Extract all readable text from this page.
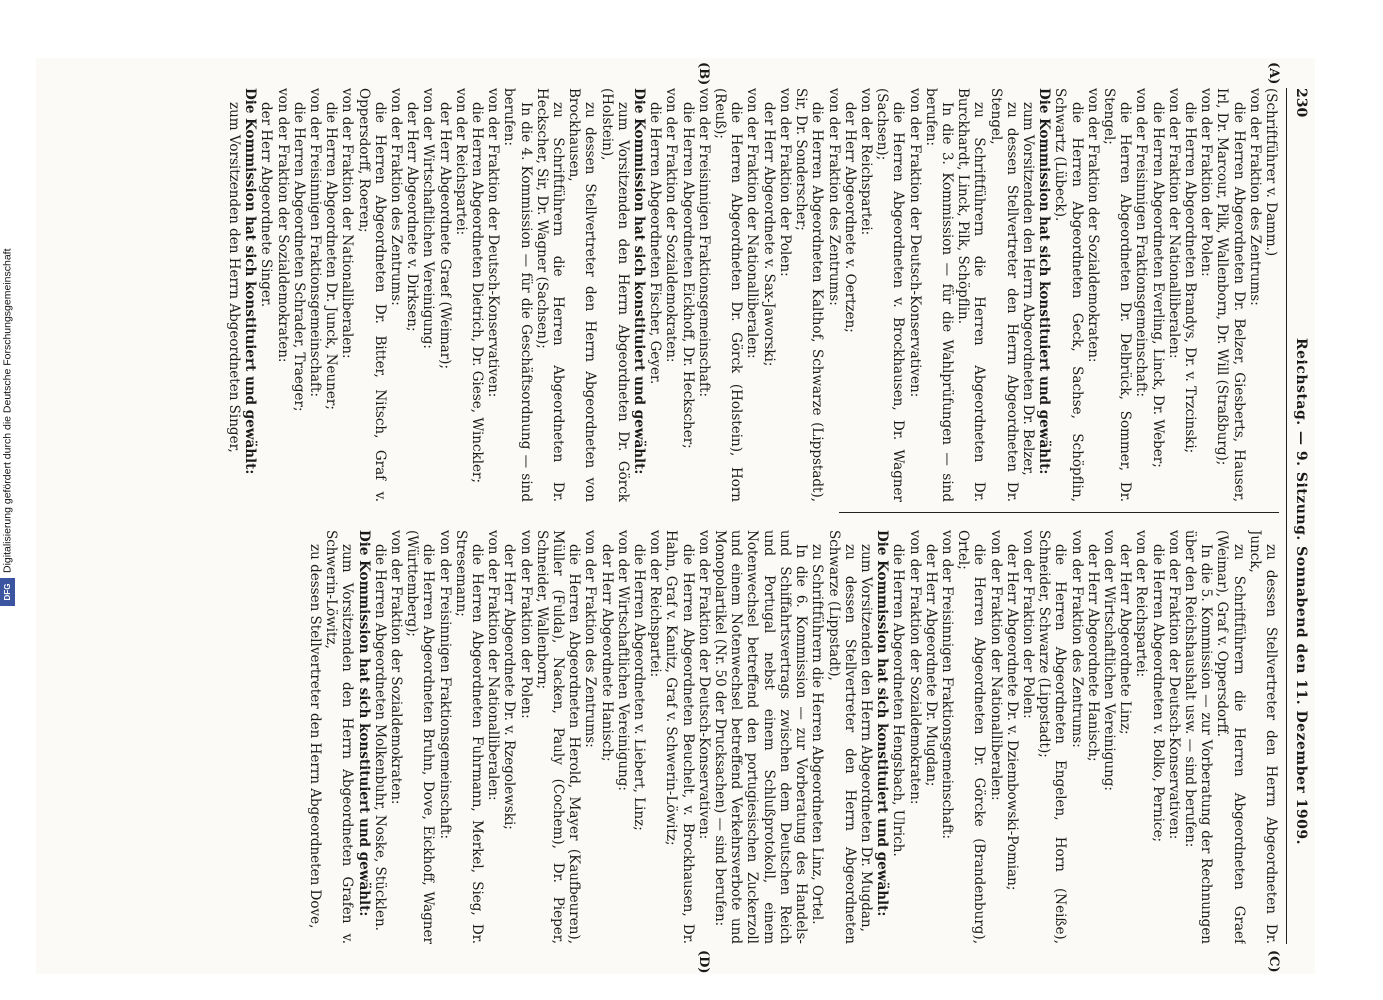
230
Reichstag. — 9. Sitzung. Sonnabend den 11. Dezember 1909.
(A)
(B)
(C)
(D)

(Schriftführer v. Damm.)

von der Fraktion des Zentrums:

die Herren Abgeordneten Dr. Belzer, Giesberts, Hauser, Irl, Dr. Marcour, Pilk, Wallenborn, Dr. Will (Straßburg);

von der Fraktion der Polen:

die Herren Abgeordneten Brandys, Dr. v. Trzcinski;

von der Fraktion der Nationalliberalen:

die Herren Abgeordneten Everling, Linck, Dr. Weber;

von der Freisinnigen Fraktionsgemeinschaft:

die Herren Abgeordneten Dr. Delbrück, Sommer, Dr. Stengel;

von der Fraktion der Sozialdemokraten:

die Herren Abgeordneten Geck, Sachse, Schöpflin, Schwartz (Lübeck).

Die Kommission hat sich konstituiert und gewählt:

zum Vorsitzenden den Herrn Abgeordneten Dr. Belzer,

zu dessen Stellvertreter den Herrn Abgeordneten Dr. Stengel,

zu Schriftführern die Herren Abgeordneten Dr. Burckhardt, Linck, Pilk, Schöpflin.

In die 3. Kommission — für die Wahlprüfungen — sind berufen:

von der Fraktion der Deutsch-Konservativen:

die Herren Abgeordneten v. Brockhausen, Dr. Wagner (Sachsen);

von der Reichspartei:

der Herr Abgeordnete v. Oertzen;

von der Fraktion des Zentrums:

die Herren Abgeordneten Kalthof, Schwarze (Lippstadt), Sir, Dr. Sonderscher;

von der Fraktion der Polen:

der Herr Abgeordnete v. Sax-Jaworski;

von der Fraktion der Nationalliberalen:

die Herren Abgeordneten Dr. Görck (Holstein), Horn (Reuß);

von der Freisinnigen Fraktionsgemeinschaft:

die Herren Abgeordneten Eickhoff, Dr. Heckscher;

von der Fraktion der Sozialdemokraten:

die Herren Abgeordneten Fischer, Geyer.

Die Kommission hat sich konstituiert und gewählt:

zum Vorsitzenden den Herrn Abgeordneten Dr. Görck (Holstein),

zu dessen Stellvertreter den Herrn Abgeordneten von Brockhausen,

zu Schriftführern die Herren Abgeordneten Dr. Heckscher, Sir, Dr. Wagner (Sachsen);

In die 4. Kommission — für die Geschäftsordnung — sind berufen:

von der Fraktion der Deutsch-Konservativen:

die Herren Abgeordneten Dietrich, Dr. Giese, Winckler;

von der Reichspartei:

der Herr Abgeordnete Graef (Weimar);

von der Wirtschaftlichen Vereinigung:

der Herr Abgeordnete v. Dirksen;

von der Fraktion des Zentrums:

die Herren Abgeordneten Dr. Bitter, Nitsch, Graf v. Oppersdorff, Roeren;

von der Fraktion der Nationalliberalen:

die Herren Abgeordneten Dr. Junck, Neuner;

von der Freisinnigen Fraktionsgemeinschaft:

die Herren Abgeordneten Schrader, Traeger;

von der Fraktion der Sozialdemokraten:

der Herr Abgeordnete Singer.

Die Kommission hat sich konstituiert und gewählt:

zum Vorsitzenden den Herrn Abgeordneten Singer,

zu dessen Stellvertreter den Herrn Abgeordneten Dr. Junck,

zu Schriftführern die Herren Abgeordneten Graef (Weimar), Graf v. Oppersdorff.

In die 5. Kommission — zur Vorberatung der Rechnungen über den Reichshaushalt usw. — sind berufen:

von der Fraktion der Deutsch-Konservativen:

die Herren Abgeordneten v. Bolko, Pernice;

von der Reichspartei:

der Herr Abgeordnete Linz;

von der Wirtschaftlichen Vereinigung:

der Herr Abgeordnete Hanisch;

von der Fraktion des Zentrums:

die Herren Abgeordneten Engelen, Horn (Neiße), Schneider, Schwarze (Lippstadt);

von der Fraktion der Polen:

der Herr Abgeordnete Dr. v. Dziembowski-Pomian;

von der Fraktion der Nationalliberalen:

die Herren Abgeordneten Dr. Görcke (Brandenburg), Ortel;

von der Freisinnigen Fraktionsgemeinschaft:

der Herr Abgeordnete Dr. Mugdan;

von der Fraktion der Sozialdemokraten:

die Herren Abgeordneten Hengsbach, Ulrich.

Die Kommission hat sich konstituiert und gewählt:

zum Vorsitzenden den Herrn Abgeordneten Dr. Mugdan,

zu dessen Stellvertreter den Herrn Abgeordneten Schwarze (Lippstadt),

zu Schriftführern die Herren Abgeordneten Linz, Ortel.

In die 6. Kommission — zur Vorberatung des Handels- und Schiffahrtsvertrags zwischen dem Deutschen Reich und Portugal nebst einem Schlußprotokoll, einem Notenwechsel betreffend den portugiesischen Zuckerzoll und einem Notenwechsel betreffend Verkehrsverbote und Monopolartikel (Nr. 50 der Drucksachen) — sind berufen:

von der Fraktion der Deutsch-Konservativen:

die Herren Abgeordneten Beuchelt, v. Brockhausen, Dr. Hahn, Graf v. Kanitz, Graf v. Schwerin-Löwitz;

von der Reichspartei:

die Herren Abgeordneten v. Liebert, Linz;

von der Wirtschaftlichen Vereinigung:

der Herr Abgeordnete Hanisch;

von der Fraktion des Zentrums:

die Herren Abgeordneten Herold, Mayer (Kaufbeuren), Müller (Fulda), Nacken, Pauly (Cochem), Dr. Pieper, Schneider, Wallenborn;

von der Fraktion der Polen:

der Herr Abgeordnete Dr. v. Rzegolewski;

von der Fraktion der Nationalliberalen:

die Herren Abgeordneten Fuhrmann, Merkel, Sieg, Dr. Stresemann;

von der Freisinnigen Fraktionsgemeinschaft:

die Herren Abgeordneten Bruhn, Dove, Eickhoff, Wagner (Württemberg);

von der Fraktion der Sozialdemokraten:

die Herren Abgeordneten Molkenbuhr, Noske, Stücklen.

Die Kommission hat sich konstituiert und gewählt:

zum Vorsitzenden den Herrn Abgeordneten Grafen v. Schwerin-Löwitz,

zu dessen Stellvertreter den Herrn Abgeordneten Dove,

DFGDigitalisierung gefördert durch die Deutsche Forschungsgemeinschaft
